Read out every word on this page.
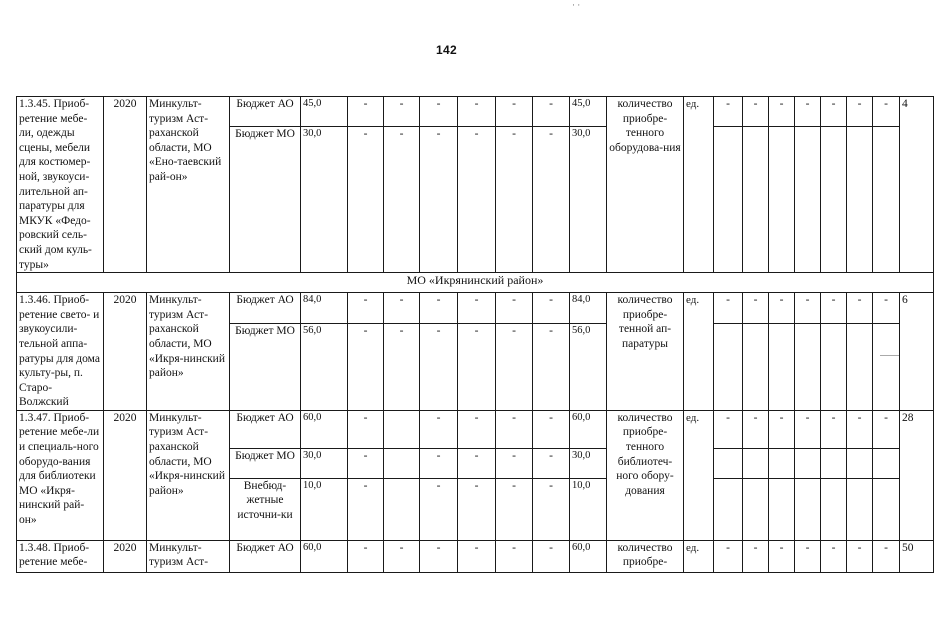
· ·
142
1.3.45. Приоб-ретение мебе-ли, одежды сцены, мебели для костюмер-ной, звукоуси-лительной ап-паратуры для МКУК «Федо-ровский сель-ский дом куль-туры»	2020	Минкульт-туризм Аст-раханской области, МО «Ено-таевский рай-он»	Бюджет АО	45,0	-	-	-	-	-	-	45,0	количество приобре-тенного оборудова-ния	ед.	-	-	-	-	-	-	-	4
			Бюджет МО	30,0	-	-	-	-	-	-	30,0										
МО «Икрянинский район»																					
1.3.46. Приоб-ретение свето- и звукоусили-тельной аппа-ратуры для дома культу-ры, п. Старо-Волжский	2020	Минкульт-туризм Аст-раханской области, МО «Икря-нинский район»	Бюджет АО	84,0	-	-	-	-	-	-	84,0	количество приобре-тенной ап-паратуры	ед.	-	-	-	-	-	-	-	6
			Бюджет МО	56,0	-	-	-	-	-	-	56,0										
1.3.47. Приоб-ретение мебе-ли и специаль-ного оборудо-вания для библиотеки МО «Икря-нинский рай-он»	2020	Минкульт-туризм Аст-раханской области, МО «Икря-нинский район»	Бюджет АО	60,0	-		-	-	-	-	60,0	количество приобре-тенного библиотеч-ного обору-дования	ед.	-	-	-	-	-	-	-	28
			Бюджет МО	30,0	-		-	-	-	-	30,0										
			Внебюд-жетные источни-ки	10,0	-		-	-	-	-	10,0										
1.3.48. Приоб-ретение мебе-	2020	Минкульт-туризм Аст-	Бюджет АО	60,0	-	-	-	-	-	-	60,0	количество приобре-	ед.	-	-	-	-	-	-	-	50
